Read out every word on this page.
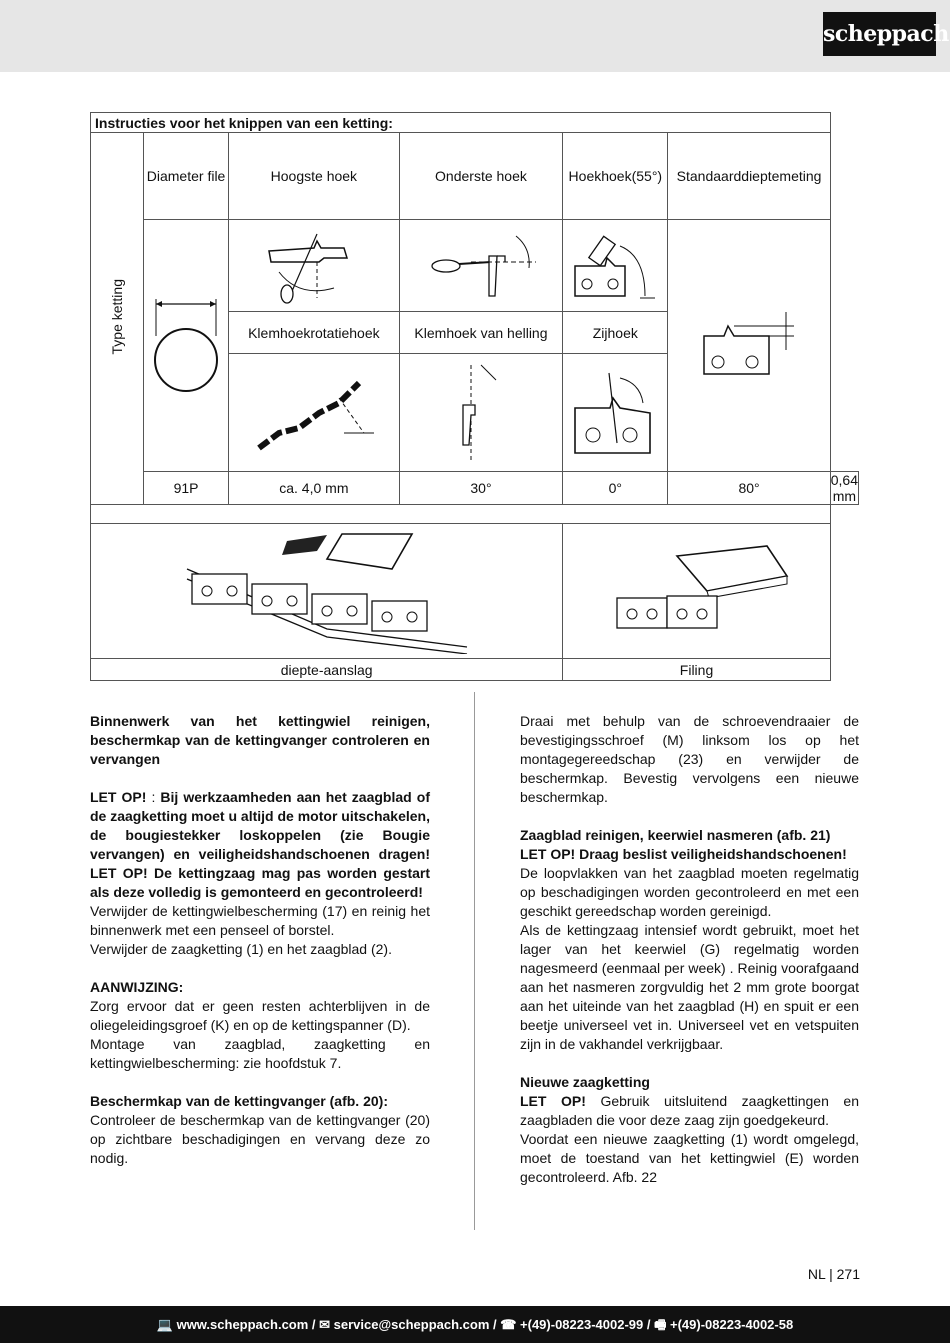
scheppach
Instructies voor het knippen van een ketting:						
Type ketting	Diameter file	Hoogste hoek	Onderste hoek	Hoekhoek(55°)	Standaarddieptemeting	

		Klemhoekrotatiehoek	Klemhoek van helling	Zijhoek		

	91P	ca. 4,0 mm	30°	0°	80°	0,64 mm

diepte-aanslag				Filing		

Binnenwerk van het kettingwiel reinigen, beschermkap van de kettingvanger controleren en vervangen

LET OP! : Bij werkzaamheden aan het zaagblad of de zaagketting moet u altijd de motor uitschakelen, de bougiestekker loskoppelen (zie Bougie vervangen) en veiligheidshandschoenen dragen! LET OP! De kettingzaag mag pas worden gestart als deze volledig is gemonteerd en gecontroleerd!

Verwijder de kettingwielbescherming (17) en reinig het binnenwerk met een penseel of borstel.

Verwijder de zaagketting (1) en het zaagblad (2).

AANWIJZING:

Zorg ervoor dat er geen resten achterblijven in de oliegeleidingsgroef (K) en op de kettingspanner (D).

Montage van zaagblad, zaagketting en kettingwielbescherming: zie hoofdstuk 7.

Beschermkap van de kettingvanger (afb. 20):

Controleer de beschermkap van de kettingvanger (20) op zichtbare beschadigingen en vervang deze zo nodig.

Draai met behulp van de schroevendraaier de bevestigingsschroef (M) linksom los op het montagegereedschap (23) en verwijder de beschermkap. Bevestig vervolgens een nieuwe beschermkap.

Zaagblad reinigen, keerwiel nasmeren (afb. 21)

LET OP! Draag beslist veiligheidshandschoenen!

De loopvlakken van het zaagblad moeten regelmatig op beschadigingen worden gecontroleerd en met een geschikt gereedschap worden gereinigd.

Als de kettingzaag intensief wordt gebruikt, moet het lager van het keerwiel (G) regelmatig worden nagesmeerd (eenmaal per week) . Reinig voorafgaand aan het nasmeren zorgvuldig het 2 mm grote boorgat aan het uiteinde van het zaagblad (H) en spuit er een beetje universeel vet in. Universeel vet en vetspuiten zijn in de vakhandel verkrijgbaar.

Nieuwe zaagketting

LET OP! Gebruik uitsluitend zaagkettingen en zaagbladen die voor deze zaag zijn goedgekeurd.

Voordat een nieuwe zaagketting (1) wordt omgelegd, moet de toestand van het kettingwiel (E) worden gecontroleerd. Afb. 22

NL | 271
💻 www.scheppach.com / ✉ service@scheppach.com / ☎ +(49)-08223-4002-99 / 🖷 +(49)-08223-4002-58
